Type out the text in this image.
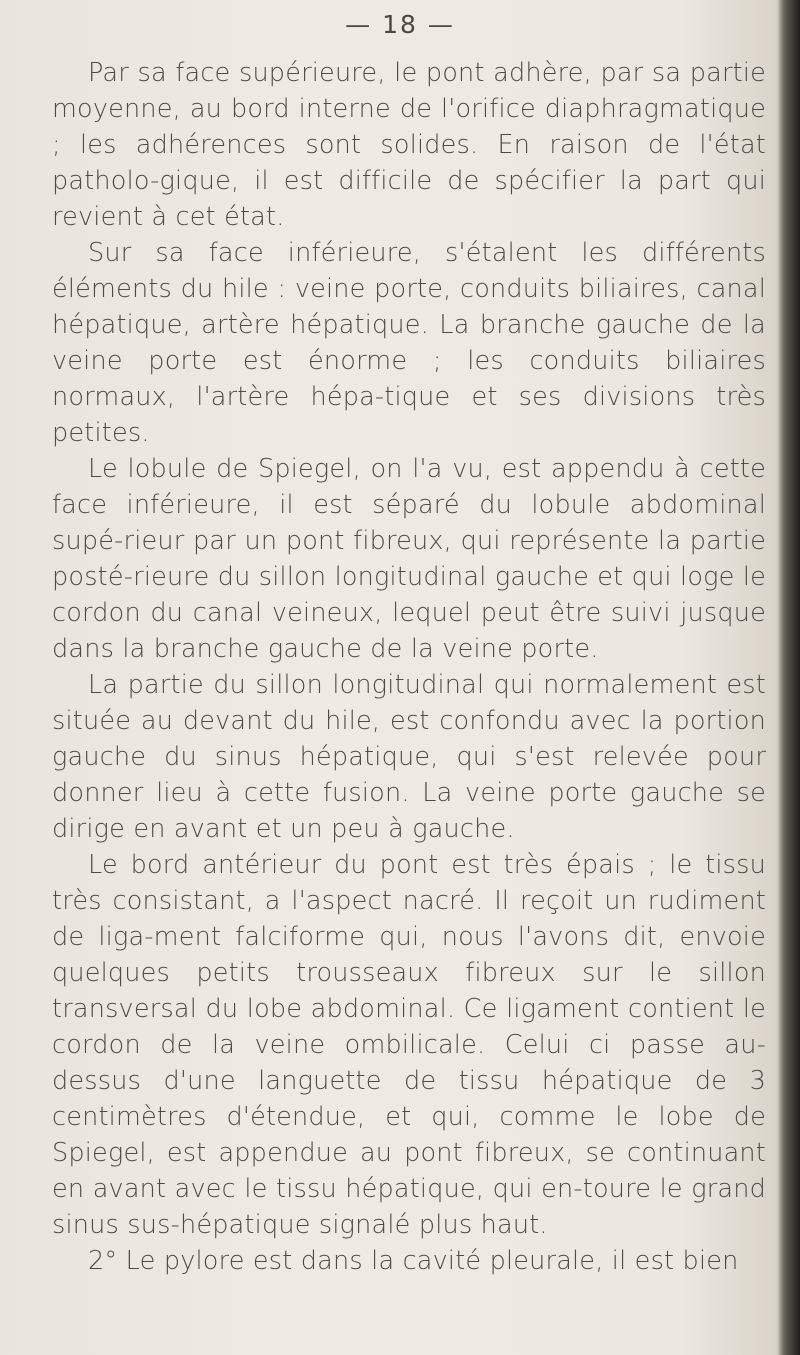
— 18 —

Par sa face supérieure, le pont adhère, par sa partie moyenne, au bord interne de l'orifice diaphragmatique ; les adhérences sont solides. En raison de l'état patholo-gique, il est difficile de spécifier la part qui revient à cet état.

Sur sa face inférieure, s'étalent les différents éléments du hile : veine porte, conduits biliaires, canal hépatique, artère hépatique. La branche gauche de la veine porte est énorme ; les conduits biliaires normaux, l'artère hépa-tique et ses divisions très petites.

Le lobule de Spiegel, on l'a vu, est appendu à cette face inférieure, il est séparé du lobule abdominal supé-rieur par un pont fibreux, qui représente la partie posté-rieure du sillon longitudinal gauche et qui loge le cordon du canal veineux, lequel peut être suivi jusque dans la branche gauche de la veine porte.

La partie du sillon longitudinal qui normalement est située au devant du hile, est confondu avec la portion gauche du sinus hépatique, qui s'est relevée pour donner lieu à cette fusion. La veine porte gauche se dirige en avant et un peu à gauche.

Le bord antérieur du pont est très épais ; le tissu très consistant, a l'aspect nacré. Il reçoit un rudiment de liga-ment falciforme qui, nous l'avons dit, envoie quelques petits trousseaux fibreux sur le sillon transversal du lobe abdominal. Ce ligament contient le cordon de la veine ombilicale. Celui ci passe au-dessus d'une languette de tissu hépatique de 3 centimètres d'étendue, et qui, comme le lobe de Spiegel, est appendue au pont fibreux, se continuant en avant avec le tissu hépatique, qui en-toure le grand sinus sus-hépatique signalé plus haut.

2° Le pylore est dans la cavité pleurale, il est bien
